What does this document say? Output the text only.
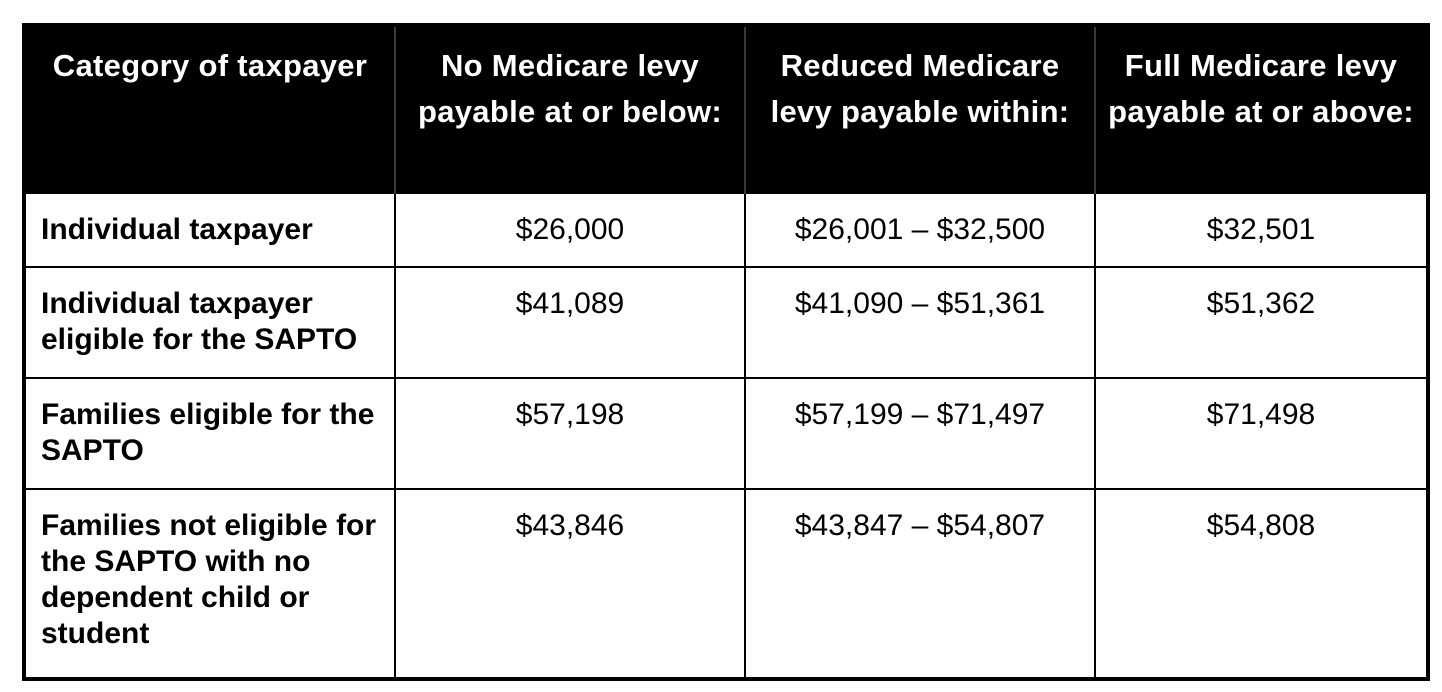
Category of taxpayer	No Medicare levy payable at or below:	Reduced Medicare levy payable within:	Full Medicare levy payable at or above:
Individual taxpayer	$26,000	$26,001 – $32,500	$32,501
Individual taxpayer eligible for the SAPTO	$41,089	$41,090 – $51,361	$51,362
Families eligible for the SAPTO	$57,198	$57,199 – $71,497	$71,498
Families not eligible for the SAPTO with no dependent child or student	$43,846	$43,847 – $54,807	$54,808
